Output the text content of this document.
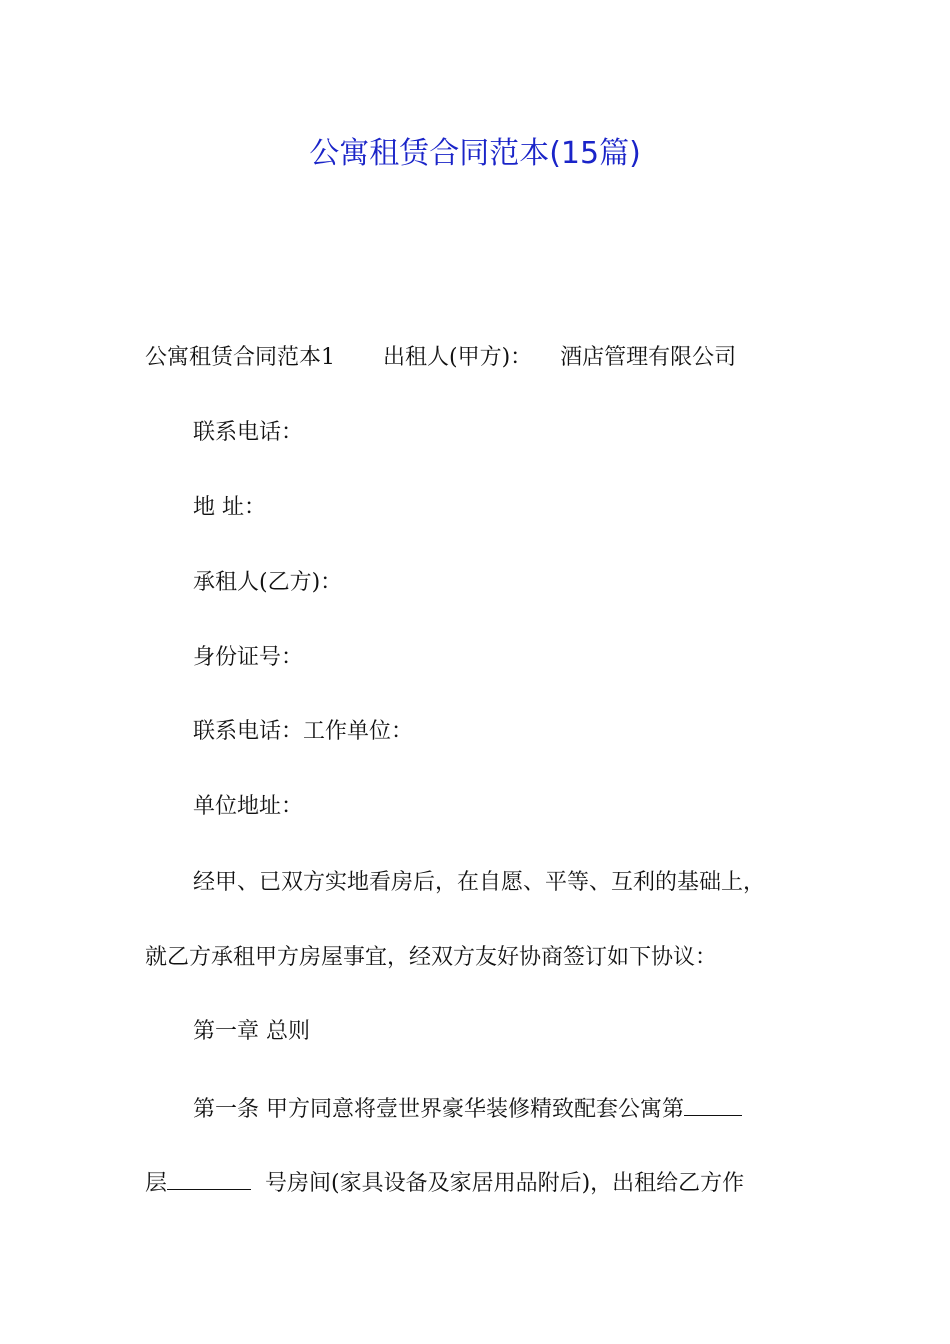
公寓租赁合同范本(15篇)
公寓租赁合同范本1 出租人(甲方)： 酒店管理有限公司
联系电话：
地 址：
承租人(乙方)：
身份证号：
联系电话：工作单位：
单位地址：
经甲、已双方实地看房后，在自愿、平等、互利的基础上，
就乙方承租甲方房屋事宜，经双方友好协商签订如下协议：
第一章 总则
第一条 甲方同意将壹世界豪华装修精致配套公寓第
层	号房间(家具设备及家居用品附后)，出租给乙方作
